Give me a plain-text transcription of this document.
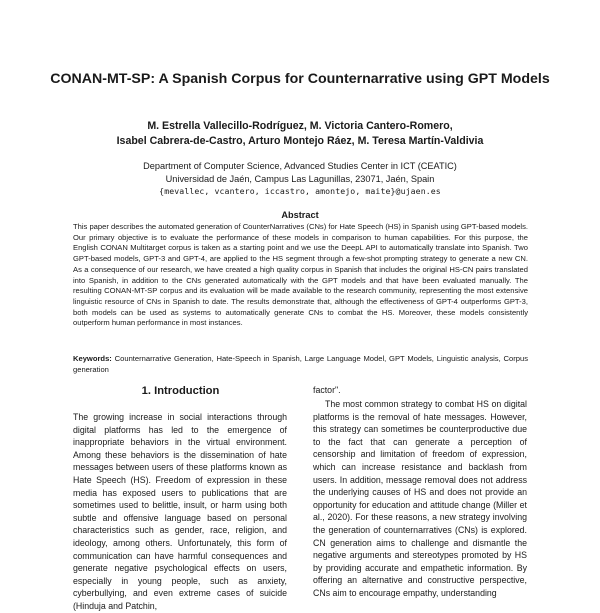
CONAN-MT-SP: A Spanish Corpus for Counternarrative using GPT Models
M. Estrella Vallecillo-Rodríguez, M. Victoria Cantero-Romero,
Isabel Cabrera-de-Castro, Arturo Montejo Ráez, M. Teresa Martín-Valdivia
Department of Computer Science, Advanced Studies Center in ICT (CEATIC)
Universidad de Jaén, Campus Las Lagunillas, 23071, Jaén, Spain
{mevallec, vcantero, iccastro, amontejo, maite}@ujaen.es
Abstract

This paper describes the automated generation of CounterNarratives (CNs) for Hate Speech (HS) in Spanish using GPT-based models. Our primary objective is to evaluate the performance of these models in comparison to human capabilities. For this purpose, the English CONAN Multitarget corpus is taken as a starting point and we use the DeepL API to automatically translate into Spanish. Two GPT-based models, GPT-3 and GPT-4, are applied to the HS segment through a few-shot prompting strategy to generate a new CN. As a consequence of our research, we have created a high quality corpus in Spanish that includes the original HS-CN pairs translated into Spanish, in addition to the CNs generated automatically with the GPT models and that have been evaluated manually. The resulting CONAN-MT-SP corpus and its evaluation will be made available to the research community, representing the most extensive linguistic resource of CNs in Spanish to date. The results demonstrate that, although the effectiveness of GPT-4 outperforms GPT-3, both models can be used as systems to automatically generate CNs to combat the HS. Moreover, these models consistently outperform human performance in most instances.

Keywords: Counternarrative Generation, Hate-Speech in Spanish, Large Language Model, GPT Models, Linguistic analysis, Corpus generation

1. Introduction

The growing increase in social interactions through digital platforms has led to the emergence of inappropriate behaviors in the virtual environment. Among these behaviors is the dissemination of hate messages between users of these platforms known as Hate Speech (HS). Freedom of expression in these media has exposed users to publications that are sometimes used to belittle, insult, or harm using both subtle and offensive language based on personal characteristics such as gender, race, religion, and ideology, among others. Unfortunately, this form of communication can have harmful consequences and generate negative psychological effects on users, especially in young people, such as anxiety, cyberbullying, and even extreme cases of suicide (Hinduja and Patchin,

factor".

The most common strategy to combat HS on digital platforms is the removal of hate messages. However, this strategy can sometimes be counterproductive due to the fact that can generate a perception of censorship and limitation of freedom of expression, which can increase resistance and backlash from users. In addition, message removal does not address the underlying causes of HS and does not provide an opportunity for education and attitude change (Miller et al., 2020). For these reasons, a new strategy involving the generation of counternarratives (CNs) is explored. CN generation aims to challenge and dismantle the negative arguments and stereotypes promoted by HS by providing accurate and empathetic information. By offering an alternative and constructive perspective, CNs aim to encourage empathy, understanding
